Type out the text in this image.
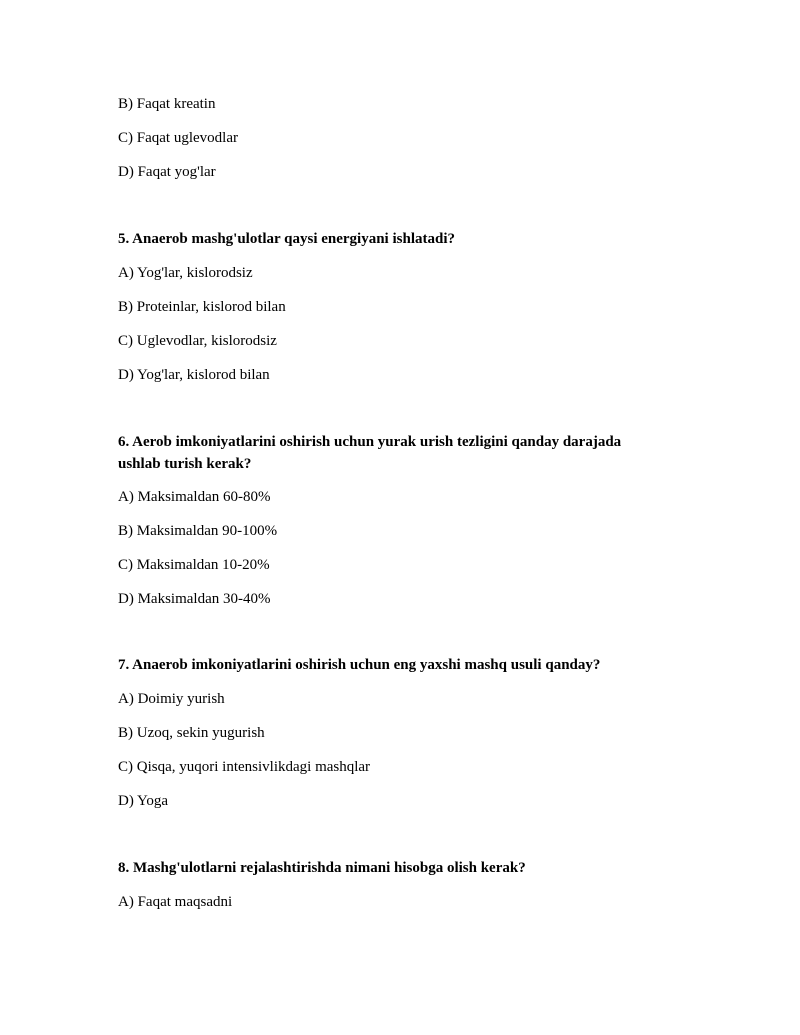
B) Faqat kreatin
C) Faqat uglevodlar
D) Faqat yog'lar
5. Anaerob mashg'ulotlar qaysi energiyani ishlatadi?
A) Yog'lar, kislorodsiz
B) Proteinlar, kislorod bilan
C) Uglevodlar, kislorodsiz
D) Yog'lar, kislorod bilan
6. Aerob imkoniyatlarini oshirish uchun yurak urish tezligini qanday darajada
ushlab turish kerak?
A) Maksimaldan 60-80%
B) Maksimaldan 90-100%
C) Maksimaldan 10-20%
D) Maksimaldan 30-40%
7. Anaerob imkoniyatlarini oshirish uchun eng yaxshi mashq usuli qanday?
A) Doimiy yurish
B) Uzoq, sekin yugurish
C) Qisqa, yuqori intensivlikdagi mashqlar
D) Yoga
8. Mashg'ulotlarni rejalashtirishda nimani hisobga olish kerak?
A) Faqat maqsadni
